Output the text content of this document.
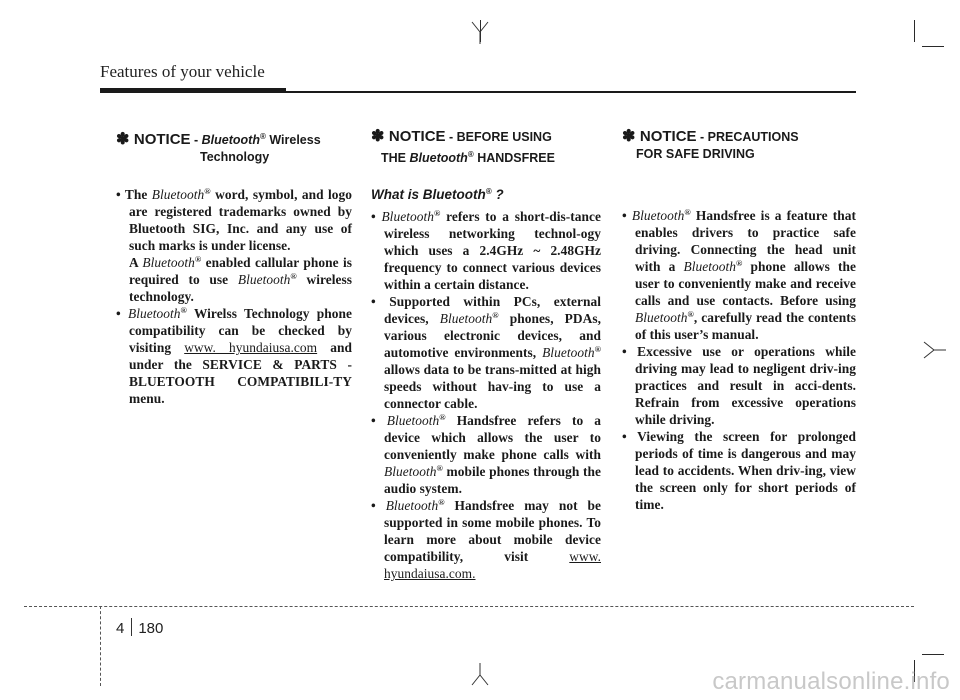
Features of your vehicle
✽ NOTICE - Bluetooth® Wireless
Technology
• The Bluetooth® word, symbol, and logo are registered trademarks owned by Bluetooth SIG, Inc. and any use of such marks is under license.
A Bluetooth® enabled callular phone is required to use Bluetooth® wireless technology.
• Bluetooth® Wirelss Technology phone compatibility can be checked by visiting www. hyundaiusa.com and under the SERVICE & PARTS - BLUETOOTH COMPATIBILI-TY menu.
✽ NOTICE - BEFORE USING
THE Bluetooth® HANDSFREE
What is Bluetooth® ?
• Bluetooth® refers to a short-dis-tance wireless networking technol-ogy which uses a 2.4GHz ~ 2.48GHz frequency to connect various devices within a certain distance.
• Supported within PCs, external devices, Bluetooth® phones, PDAs, various electronic devices, and automotive environments, Bluetooth® allows data to be trans-mitted at high speeds without hav-ing to use a connector cable.
• Bluetooth® Handsfree refers to a device which allows the user to conveniently make phone calls with Bluetooth® mobile phones through the audio system.
• Bluetooth® Handsfree may not be supported in some mobile phones. To learn more about mobile device compatibility, visit www. hyundaiusa.com.
✽ NOTICE - PRECAUTIONS
FOR SAFE DRIVING
• Bluetooth® Handsfree is a feature that enables drivers to practice safe driving. Connecting the head unit with a Bluetooth® phone allows the user to conveniently make and receive calls and use contacts. Before using Bluetooth®, carefully read the contents of this user’s manual.
• Excessive use or operations while driving may lead to negligent driv-ing practices and result in acci-dents. Refrain from excessive operations while driving.
• Viewing the screen for prolonged periods of time is dangerous and may lead to accidents. When driv-ing, view the screen only for short periods of time.
4 180
carmanualsonline.info
